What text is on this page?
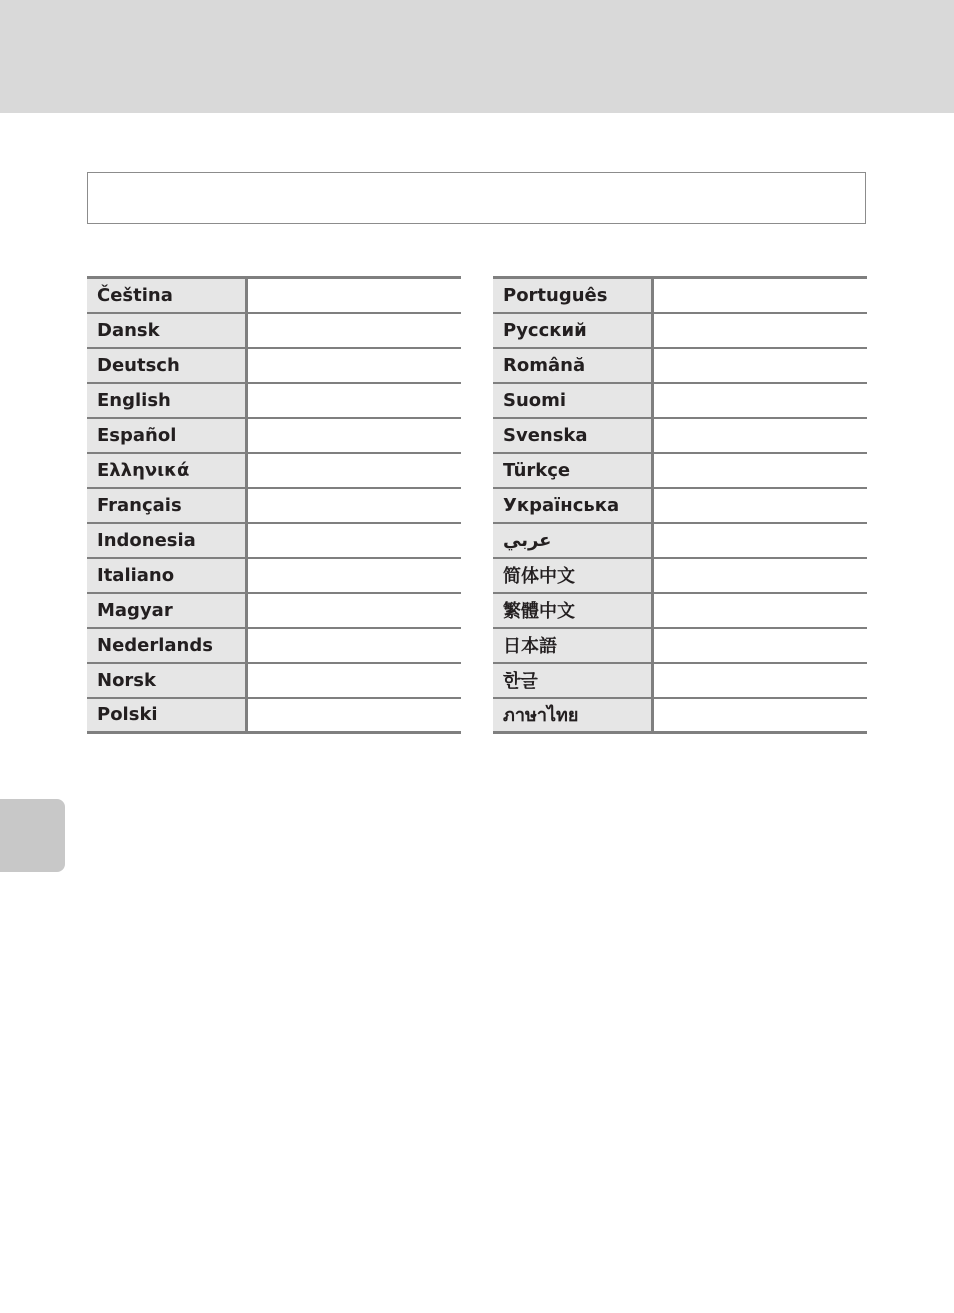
Čeština	
Dansk	
Deutsch	
English	
Español	
Ελληνικά	
Français	
Indonesia	
Italiano	
Magyar	
Nederlands	
Norsk	
Polski	
Português	
Русский	
Română	
Suomi	
Svenska	
Türkçe	
Українська	
عربي	
简体中文	
繁體中文	
日本語	
한글	
ภาษาไทย	
